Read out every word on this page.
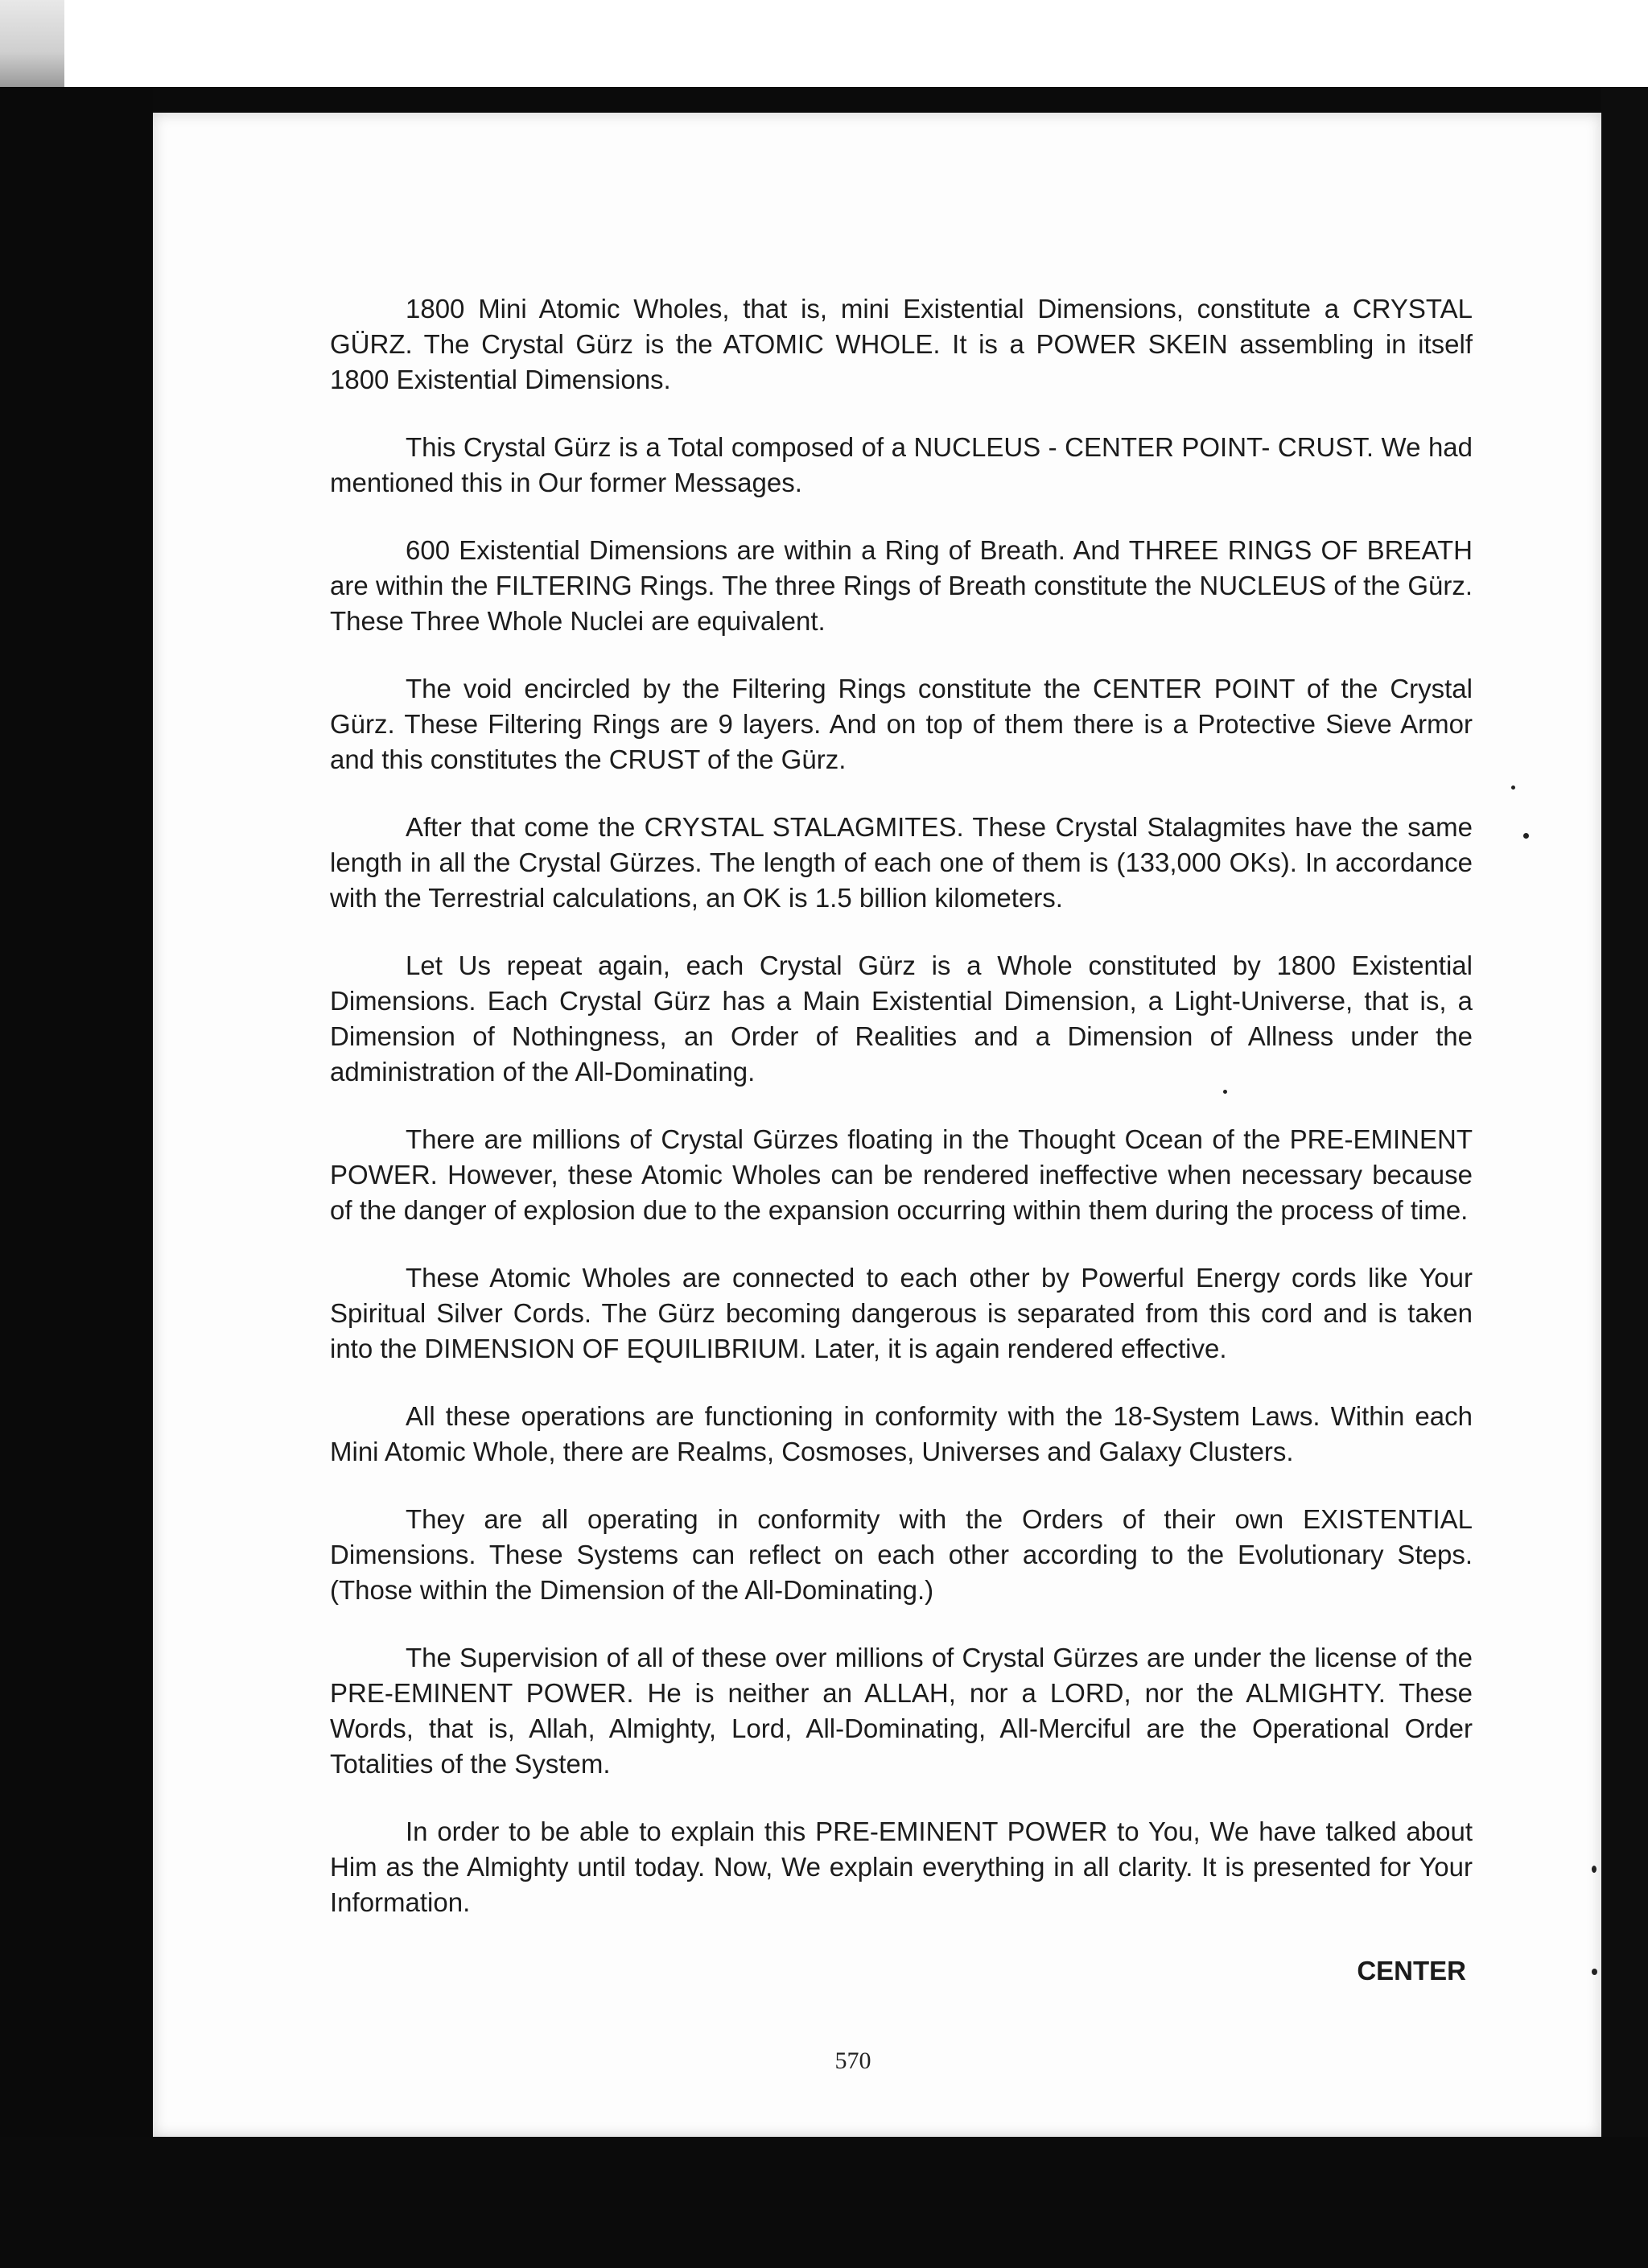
1800 Mini Atomic Wholes, that is, mini Existential Dimensions, constitute a CRYSTAL GÜRZ. The Crystal Gürz is the ATOMIC WHOLE. It is a POWER SKEIN assembling in itself 1800 Existential Dimensions.

This Crystal Gürz is a Total composed of a NUCLEUS - CENTER POINT- CRUST. We had mentioned this in Our former Messages.

600 Existential Dimensions are within a Ring of Breath. And THREE RINGS OF BREATH are within the FILTERING Rings. The three Rings of Breath constitute the NUCLEUS of the Gürz. These Three Whole Nuclei are equivalent.

The void encircled by the Filtering Rings constitute the CENTER POINT of the Crystal Gürz. These Filtering Rings are 9 layers. And on top of them there is a Protective Sieve Armor and this constitutes the CRUST of the Gürz.

After that come the CRYSTAL STALAGMITES. These Crystal Stalagmites have the same length in all the Crystal Gürzes. The length of each one of them is (133,000 OKs). In accordance with the Terrestrial calculations, an OK is 1.5 billion kilometers.

Let Us repeat again, each Crystal Gürz is a Whole constituted by 1800 Existential Dimensions. Each Crystal Gürz has a Main Existential Dimension, a Light-Universe, that is, a Dimension of Nothingness, an Order of Realities and a Dimension of Allness under the administration of the All-Dominating.

There are millions of Crystal Gürzes floating in the Thought Ocean of the PRE-EMINENT POWER. However, these Atomic Wholes can be rendered ineffective when necessary because of the danger of explosion due to the expansion occurring within them during the process of time.

These Atomic Wholes are connected to each other by Powerful Energy cords like Your Spiritual Silver Cords. The Gürz becoming dangerous is separated from this cord and is taken into the DIMENSION OF EQUILIBRIUM. Later, it is again rendered effective.

All these operations are functioning in conformity with the 18-System Laws. Within each Mini Atomic Whole, there are Realms, Cosmoses, Universes and Galaxy Clusters.

They are all operating in conformity with the Orders of their own EXISTENTIAL Dimensions. These Systems can reflect on each other according to the Evolutionary Steps. (Those within the Dimension of the All-Dominating.)

The Supervision of all of these over millions of Crystal Gürzes are under the license of the PRE-EMINENT POWER. He is neither an ALLAH, nor a LORD, nor the ALMIGHTY. These Words, that is, Allah, Almighty, Lord, All-Dominating, All-Merciful are the Operational Order Totalities of the System.

In order to be able to explain this PRE-EMINENT POWER to You, We have talked about Him as the Almighty until today. Now, We explain everything in all clarity. It is presented for Your Information.

CENTER
570
